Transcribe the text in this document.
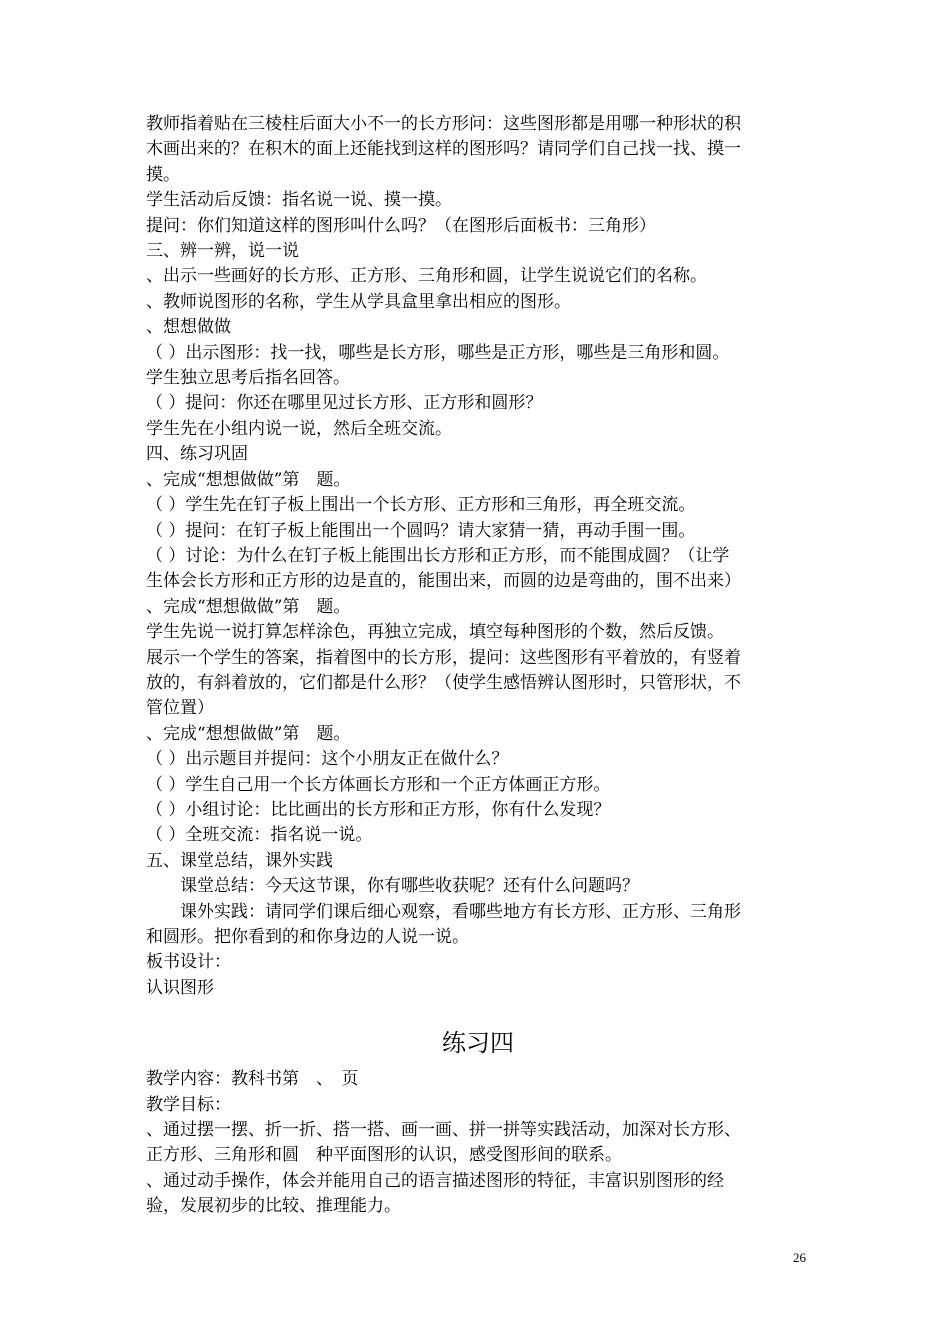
教师指着贴在三棱柱后面大小不一的长方形问：这些图形都是用哪一种形状的积
木画出来的？在积木的面上还能找到这样的图形吗？请同学们自己找一找、摸一
摸。
学生活动后反馈：指名说一说、摸一摸。
提问：你们知道这样的图形叫什么吗？（在图形后面板书：三角形）
三、辨一辨，说一说
、出示一些画好的长方形、正方形、三角形和圆，让学生说说它们的名称。
、教师说图形的名称，学生从学具盒里拿出相应的图形。
、想想做做
（ ）出示图形：找一找，哪些是长方形，哪些是正方形，哪些是三角形和圆。
学生独立思考后指名回答。
（ ）提问：你还在哪里见过长方形、正方形和圆形？
学生先在小组内说一说，然后全班交流。
四、练习巩固
、完成“想想做做”第　题。
（ ）学生先在钉子板上围出一个长方形、正方形和三角形，再全班交流。
（ ）提问：在钉子板上能围出一个圆吗？请大家猜一猜，再动手围一围。
（ ）讨论：为什么在钉子板上能围出长方形和正方形，而不能围成圆？（让学
生体会长方形和正方形的边是直的，能围出来，而圆的边是弯曲的，围不出来）
、完成“想想做做”第　题。
学生先说一说打算怎样涂色，再独立完成，填空每种图形的个数，然后反馈。
展示一个学生的答案，指着图中的长方形，提问：这些图形有平着放的，有竖着
放的，有斜着放的，它们都是什么形？（使学生感悟辨认图形时，只管形状，不
管位置）
、完成“想想做做”第　题。
（ ）出示题目并提问：这个小朋友正在做什么？
（ ）学生自己用一个长方体画长方形和一个正方体画正方形。
（ ）小组讨论：比比画出的长方形和正方形，你有什么发现？
（ ）全班交流：指名说一说。
五、课堂总结，课外实践
课堂总结：今天这节课，你有哪些收获呢？还有什么问题吗？
课外实践：请同学们课后细心观察，看哪些地方有长方形、正方形、三角形
和圆形。把你看到的和你身边的人说一说。
板书设计：
认识图形
练习四
教学内容：教科书第　、　页
教学目标：
、通过摆一摆、折一折、搭一搭、画一画、拼一拼等实践活动，加深对长方形、
正方形、三角形和圆　种平面图形的认识，感受图形间的联系。
、通过动手操作，体会并能用自己的语言描述图形的特征，丰富识别图形的经
验，发展初步的比较、推理能力。
26
